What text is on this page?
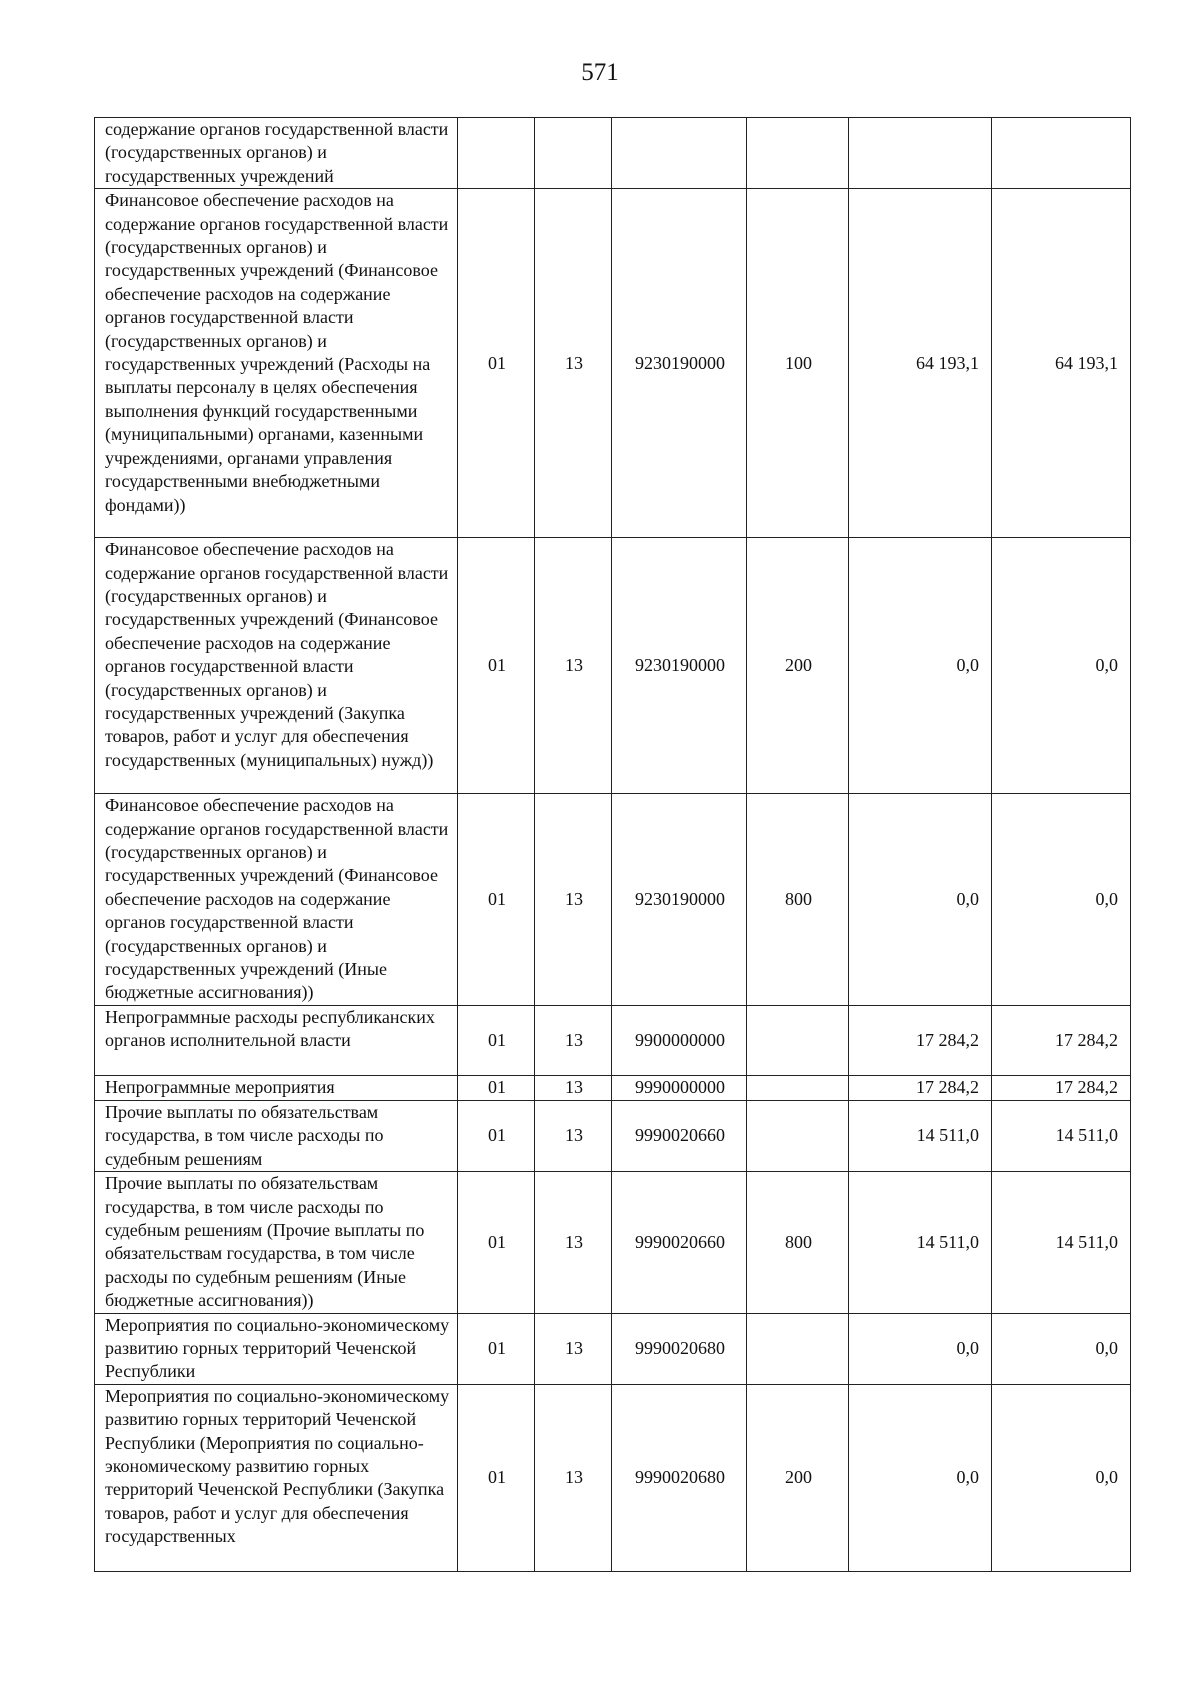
571
содержание органов государственной власти (государственных органов) и государственных учреждений						
Финансовое обеспечение расходов на содержание органов государственной власти (государственных органов) и государственных учреждений (Финансовое обеспечение расходов на содержание органов государственной власти (государственных органов) и государственных учреждений (Расходы на выплаты персоналу в целях обеспечения выполнения функций государственными (муниципальными) органами, казенными учреждениями, органами управления государственными внебюджетными фондами))	01	13	9230190000	100	64 193,1	64 193,1
Финансовое обеспечение расходов на содержание органов государственной власти (государственных органов) и государственных учреждений (Финансовое обеспечение расходов на содержание органов государственной власти (государственных органов) и государственных учреждений (Закупка товаров, работ и услуг для обеспечения государственных (муниципальных) нужд))	01	13	9230190000	200	0,0	0,0
Финансовое обеспечение расходов на содержание органов государственной власти (государственных органов) и государственных учреждений (Финансовое обеспечение расходов на содержание органов государственной власти (государственных органов) и государственных учреждений (Иные бюджетные ассигнования))	01	13	9230190000	800	0,0	0,0
Непрограммные расходы республиканских органов исполнительной власти	01	13	9900000000		17 284,2	17 284,2
Непрограммные мероприятия	01	13	9990000000		17 284,2	17 284,2
Прочие выплаты по обязательствам государства, в том числе расходы по судебным решениям	01	13	9990020660		14 511,0	14 511,0
Прочие выплаты по обязательствам государства, в том числе расходы по судебным решениям (Прочие выплаты по обязательствам государства, в том числе расходы по судебным решениям (Иные бюджетные ассигнования))	01	13	9990020660	800	14 511,0	14 511,0
Мероприятия по социально-экономическому развитию горных территорий Чеченской Республики	01	13	9990020680		0,0	0,0
Мероприятия по социально-экономическому развитию горных территорий Чеченской Республики (Мероприятия по социально-экономическому развитию горных территорий Чеченской Республики (Закупка товаров, работ и услуг для обеспечения государственных	01	13	9990020680	200	0,0	0,0
